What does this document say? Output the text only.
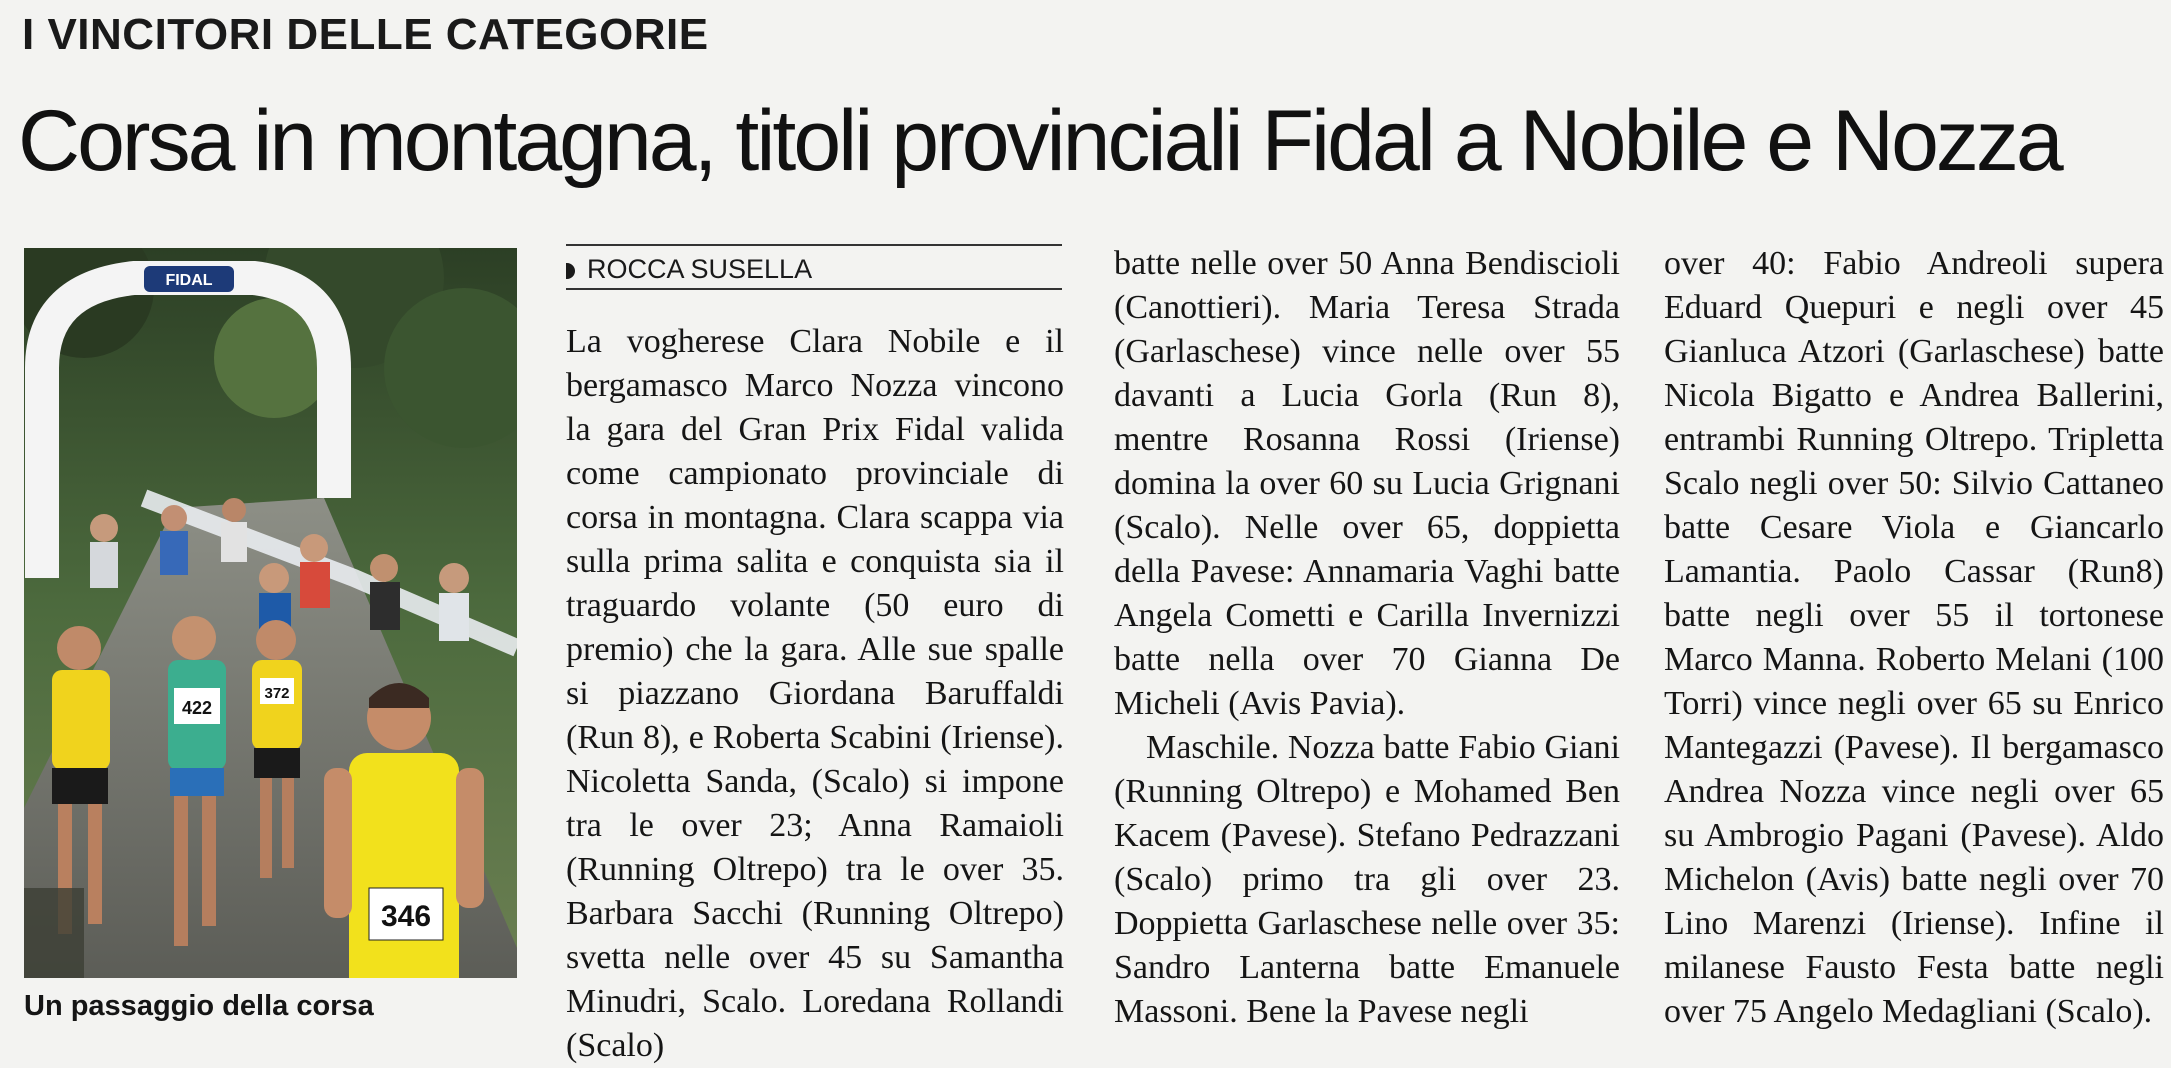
I VINCITORI DELLE CATEGORIE
Corsa in montagna, titoli provinciali Fidal a Nobile e Nozza
FIDAL
422
372
346
Un passaggio della corsa
ROCCA SUSELLA

La vogherese Clara Nobile e il bergamasco Marco Nozza vincono la gara del Gran Prix Fidal valida come campionato provinciale di corsa in montagna. Clara scappa via sulla prima salita e conquista sia il traguardo volante (50 euro di premio) che la gara. Alle sue spalle si piazzano Giordana Baruffaldi (Run 8), e Roberta Scabini (Iriense). Nicoletta Sanda, (Scalo) si impone tra le over 23; Anna Ramaioli (Running Oltrepo) tra le over 35. Barbara Sacchi (Running Oltrepo) svetta nelle over 45 su Samantha Minudri, Scalo. Loredana Rollandi (Scalo)

batte nelle over 50 Anna Bendiscioli (Canottieri). Maria Teresa Strada (Garlaschese) vince nelle over 55 davanti a Lucia Gorla (Run 8), mentre Rosanna Rossi (Iriense) domina la over 60 su Lucia Grignani (Scalo). Nelle over 65, doppietta della Pavese: Annamaria Vaghi batte Angela Cometti e Carilla Invernizzi batte nella over 70 Gianna De Micheli (Avis Pavia).

Maschile. Nozza batte Fabio Giani (Running Oltrepo) e Mohamed Ben Kacem (Pavese). Stefano Pedrazzani (Scalo) primo tra gli over 23. Doppietta Garlaschese nelle over 35: Sandro Lanterna batte Emanuele Massoni. Bene la Pavese negli

over 40: Fabio Andreoli supera Eduard Quepuri e negli over 45 Gianluca Atzori (Garlaschese) batte Nicola Bigatto e Andrea Ballerini, entrambi Running Oltrepo. Tripletta Scalo negli over 50: Silvio Cattaneo batte Cesare Viola e Giancarlo Lamantia. Paolo Cassar (Run8) batte negli over 55 il tortonese Marco Manna. Roberto Melani (100 Torri) vince negli over 65 su Enrico Mantegazzi (Pavese). Il bergamasco Andrea Nozza vince negli over 65 su Ambrogio Pagani (Pavese). Aldo Michelon (Avis) batte negli over 70 Lino Marenzi (Iriense). Infine il milanese Fausto Festa batte negli over 75 Angelo Medagliani (Scalo).
